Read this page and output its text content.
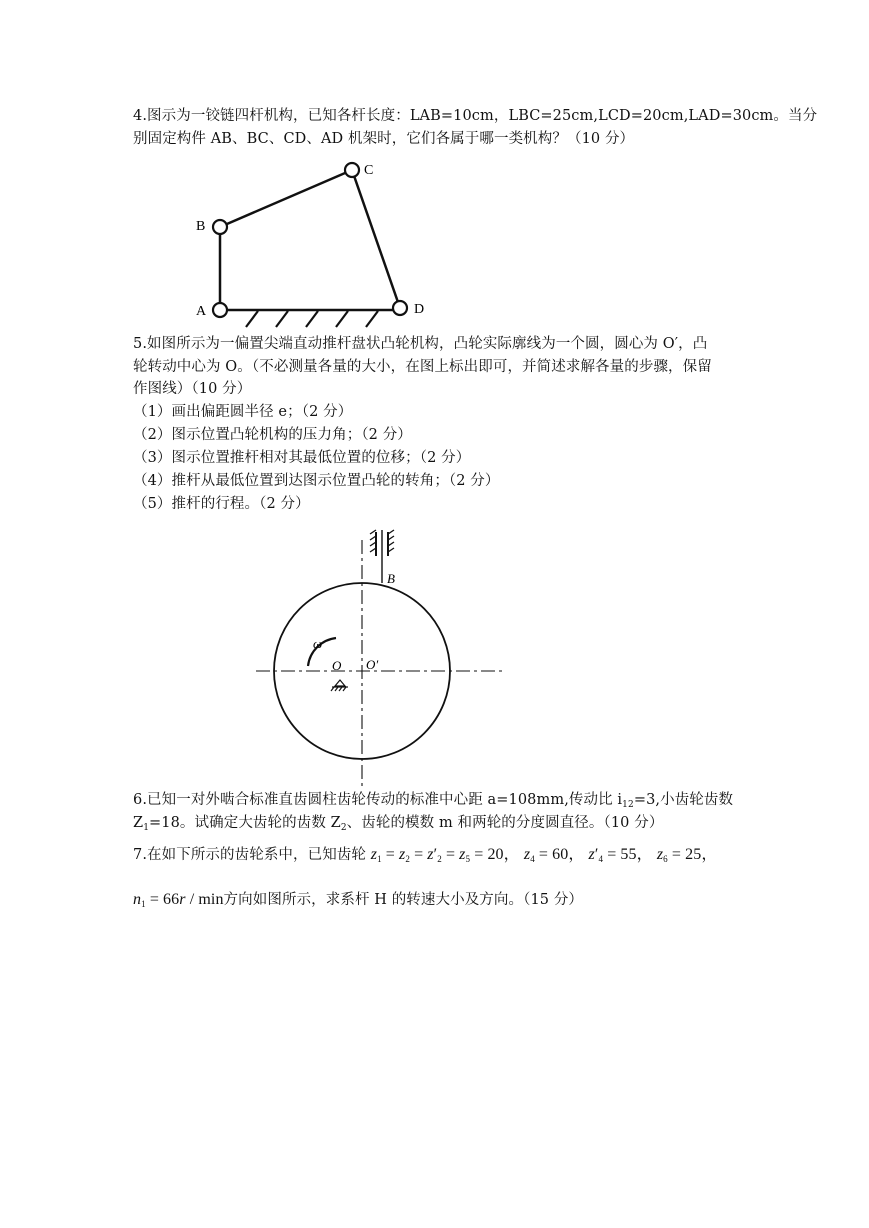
4.图示为一铰链四杆机构，已知各杆长度：LAB=10cm，LBC=25cm,LCD=20cm,LAD=30cm。当分
别固定构件 AB、BC、CD、AD 机架时，它们各属于哪一类机构？（10 分）
A
B
C
D
5.如图所示为一偏置尖端直动推杆盘状凸轮机构，凸轮实际廓线为一个圆，圆心为 O′，凸
轮转动中心为 O。（不必测量各量的大小，在图上标出即可，并简述求解各量的步骤，保留
作图线）（10 分）
（1）画出偏距圆半径 e；（2 分）
（2）图示位置凸轮机构的压力角；（2 分）
（3）图示位置推杆相对其最低位置的位移；（2 分）
（4）推杆从最低位置到达图示位置凸轮的转角；（2 分）
（5）推杆的行程。（2 分）
B
ω
O O′
6.已知一对外啮合标准直齿圆柱齿轮传动的标准中心距 a=108mm,传动比 $i_{12}=3$,小齿轮齿数
$Z_1=18$。试确定大齿轮的齿数 $Z_2$、齿轮的模数 m 和两轮的分度圆直径。（10 分）
7.在如下所示的齿轮系中，已知齿轮 $z_1 = z_2 = z'_2 = z_5 = 20$， $z_4 = 60$， $z'_4 = 55$， $z_6 = 25$，
$n_1 = 66r / \min$方向如图所示，求系杆 H 的转速大小及方向。（15 分）
